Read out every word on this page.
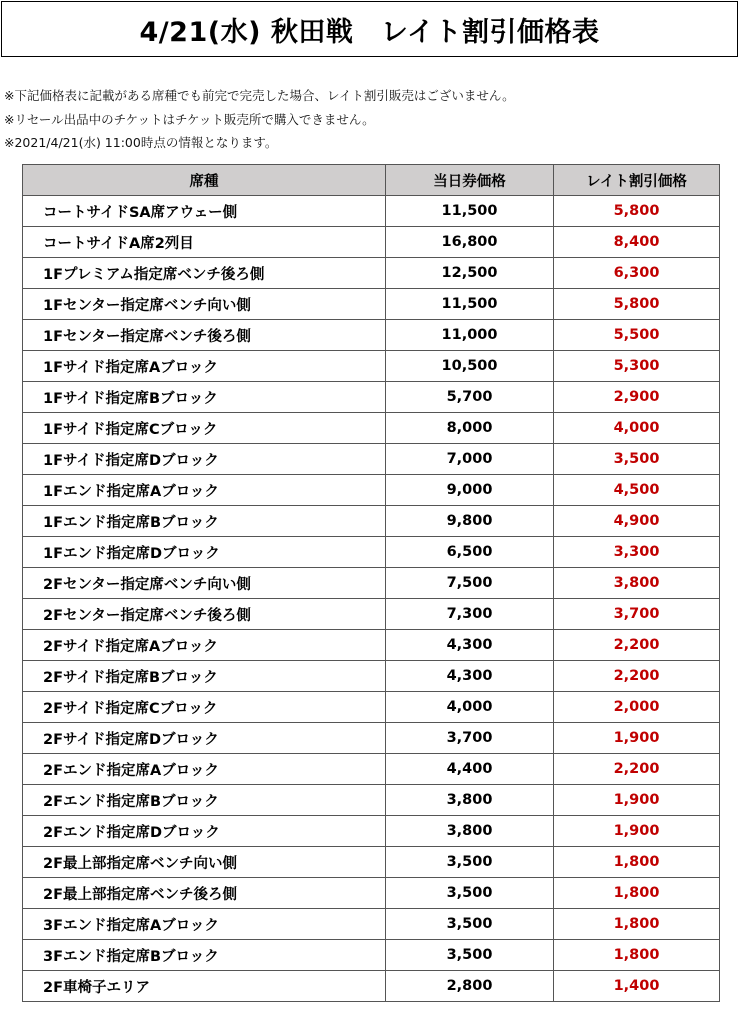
4/21(水) 秋田戦　レイト割引価格表
※下記価格表に記載がある席種でも前完で完売した場合、レイト割引販売はございません。
※リセール出品中のチケットはチケット販売所で購入できません。
※2021/4/21(水) 11:00時点の情報となります。
席種	当日券価格	レイト割引価格
コートサイドSA席アウェー側	11,500	5,800
コートサイドA席2列目	16,800	8,400
1Fプレミアム指定席ベンチ後ろ側	12,500	6,300
1Fセンター指定席ベンチ向い側	11,500	5,800
1Fセンター指定席ベンチ後ろ側	11,000	5,500
1Fサイド指定席Aブロック	10,500	5,300
1Fサイド指定席Bブロック	5,700	2,900
1Fサイド指定席Cブロック	8,000	4,000
1Fサイド指定席Dブロック	7,000	3,500
1Fエンド指定席Aブロック	9,000	4,500
1Fエンド指定席Bブロック	9,800	4,900
1Fエンド指定席Dブロック	6,500	3,300
2Fセンター指定席ベンチ向い側	7,500	3,800
2Fセンター指定席ベンチ後ろ側	7,300	3,700
2Fサイド指定席Aブロック	4,300	2,200
2Fサイド指定席Bブロック	4,300	2,200
2Fサイド指定席Cブロック	4,000	2,000
2Fサイド指定席Dブロック	3,700	1,900
2Fエンド指定席Aブロック	4,400	2,200
2Fエンド指定席Bブロック	3,800	1,900
2Fエンド指定席Dブロック	3,800	1,900
2F最上部指定席ベンチ向い側	3,500	1,800
2F最上部指定席ベンチ後ろ側	3,500	1,800
3Fエンド指定席Aブロック	3,500	1,800
3Fエンド指定席Bブロック	3,500	1,800
2F車椅子エリア	2,800	1,400
